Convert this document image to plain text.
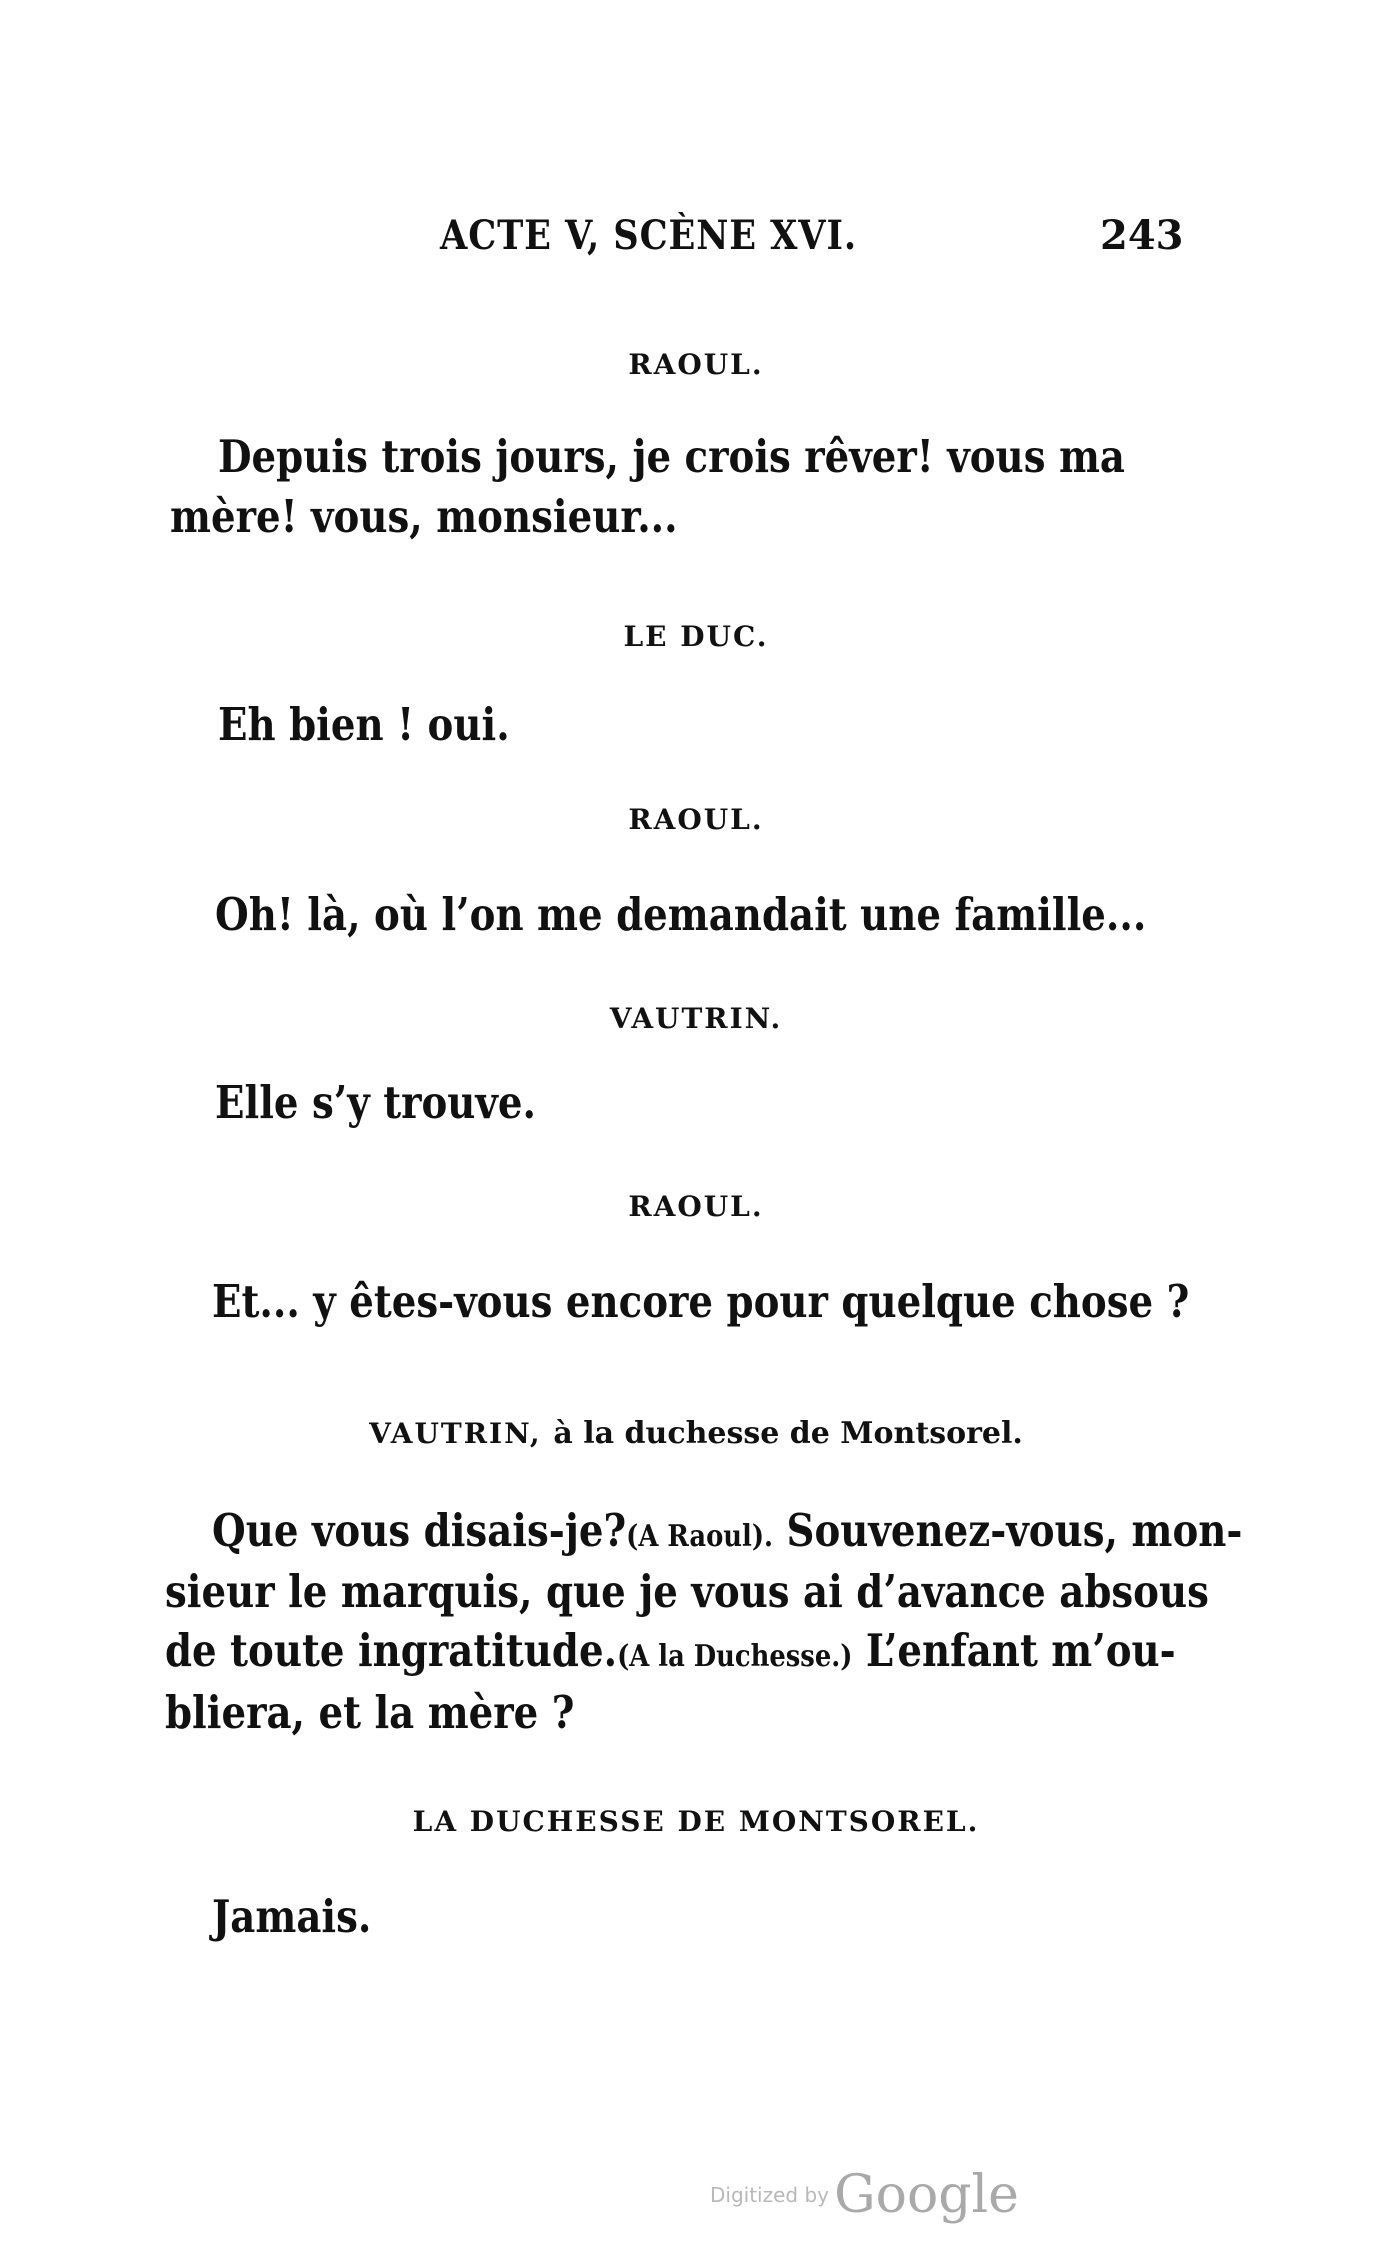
ACTE V, SCÈNE XVI.	243
RAOUL.
Depuis trois jours, je crois rêver! vous ma
mère! vous, monsieur...
LE DUC.
Eh bien ! oui.
RAOUL.
Oh! là, où l’on me demandait une famille...
VAUTRIN.
Elle s’y trouve.
RAOUL.
Et... y êtes-vous encore pour quelque chose ?
VAUTRIN, à la duchesse de Montsorel.
Que vous disais-je?(A Raoul). Souvenez-vous, mon-
sieur le marquis, que je vous ai d’avance absous
de toute ingratitude.(A la Duchesse.) L’enfant m’ou-
bliera, et la mère ?
LA DUCHESSE DE MONTSOREL.
Jamais.
Digitized by Google
